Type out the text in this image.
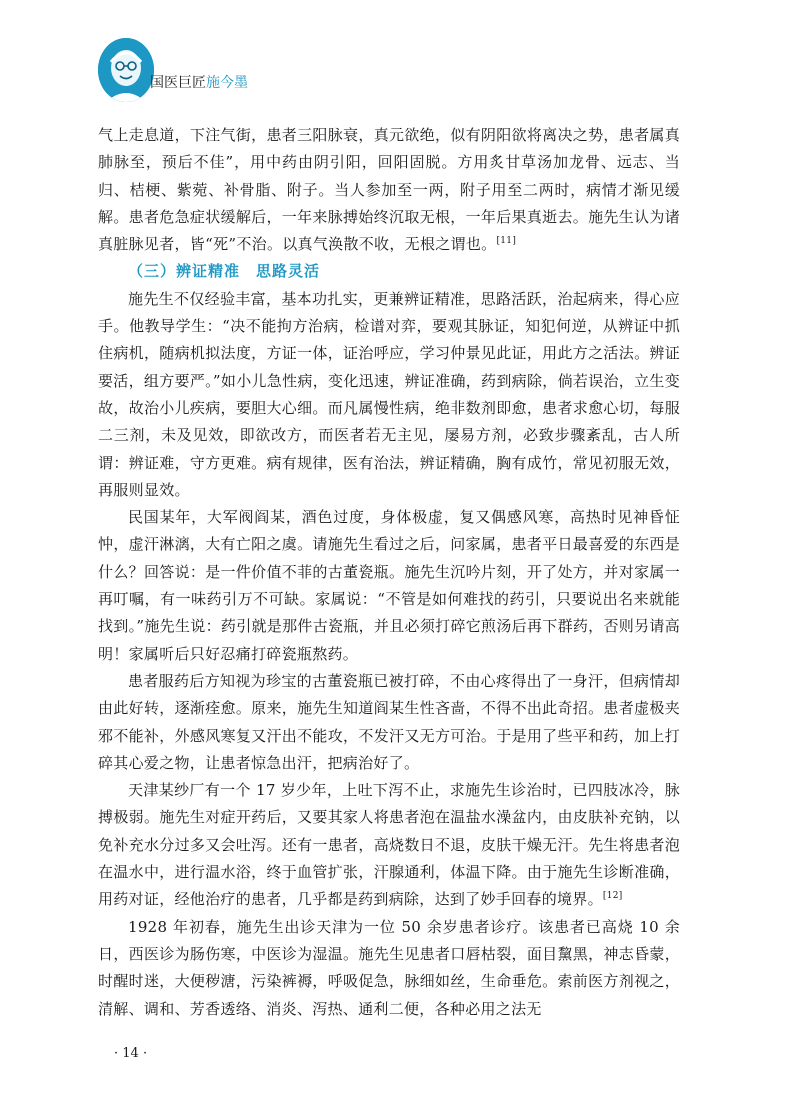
国医巨匠施今墨

气上走息道，下注气街，患者三阳脉衰，真元欲绝，似有阴阳欲将离决之势，患者属真肺脉至，预后不佳”，用中药由阴引阳，回阳固脱。方用炙甘草汤加龙骨、远志、当归、桔梗、紫菀、补骨脂、附子。当人参加至一两，附子用至二两时，病情才渐见缓解。患者危急症状缓解后，一年来脉搏始终沉取无根，一年后果真逝去。施先生认为诸真脏脉见者，皆“死”不治。以真气涣散不收，无根之谓也。[11]

（三）辨证精准　思路灵活

施先生不仅经验丰富，基本功扎实，更兼辨证精准，思路活跃，治起病来，得心应手。他教导学生：“决不能拘方治病，检谱对弈，要观其脉证，知犯何逆，从辨证中抓住病机，随病机拟法度，方证一体，证治呼应，学习仲景见此证，用此方之活法。辨证要活，组方要严。”如小儿急性病，变化迅速，辨证准确，药到病除，倘若误治，立生变故，故治小儿疾病，要胆大心细。而凡属慢性病，绝非数剂即愈，患者求愈心切，每服二三剂，未及见效，即欲改方，而医者若无主见，屡易方剂，必致步骤紊乱，古人所谓：辨证难，守方更难。病有规律，医有治法，辨证精确，胸有成竹，常见初服无效，再服则显效。

民国某年，大军阀阎某，酒色过度，身体极虚，复又偶感风寒，高热时见神昏怔忡，虚汗淋漓，大有亡阳之虞。请施先生看过之后，问家属，患者平日最喜爱的东西是什么？回答说：是一件价值不菲的古董瓷瓶。施先生沉吟片刻，开了处方，并对家属一再叮嘱，有一味药引万不可缺。家属说：“不管是如何难找的药引，只要说出名来就能找到。”施先生说：药引就是那件古瓷瓶，并且必须打碎它煎汤后再下群药，否则另请高明！家属听后只好忍痛打碎瓷瓶熬药。

患者服药后方知视为珍宝的古董瓷瓶已被打碎，不由心疼得出了一身汗，但病情却由此好转，逐渐痊愈。原来，施先生知道阎某生性吝啬，不得不出此奇招。患者虚极夹邪不能补，外感风寒复又汗出不能攻，不发汗又无方可治。于是用了些平和药，加上打碎其心爱之物，让患者惊急出汗，把病治好了。

天津某纱厂有一个 17 岁少年，上吐下泻不止，求施先生诊治时，已四肢冰冷，脉搏极弱。施先生对症开药后，又要其家人将患者泡在温盐水澡盆内，由皮肤补充钠，以免补充水分过多又会吐泻。还有一患者，高烧数日不退，皮肤干燥无汗。先生将患者泡在温水中，进行温水浴，终于血管扩张，汗腺通利，体温下降。由于施先生诊断准确，用药对证，经他治疗的患者，几乎都是药到病除，达到了妙手回春的境界。[12]

1928 年初春，施先生出诊天津为一位 50 余岁患者诊疗。该患者已高烧 10 余日，西医诊为肠伤寒，中医诊为湿温。施先生见患者口唇枯裂，面目黧黑，神志昏蒙，时醒时迷，大便秽溏，污染裤褥，呼吸促急，脉细如丝，生命垂危。索前医方剂视之，清解、调和、芳香透络、消炎、泻热、通利二便，各种必用之法无

· 14 ·
